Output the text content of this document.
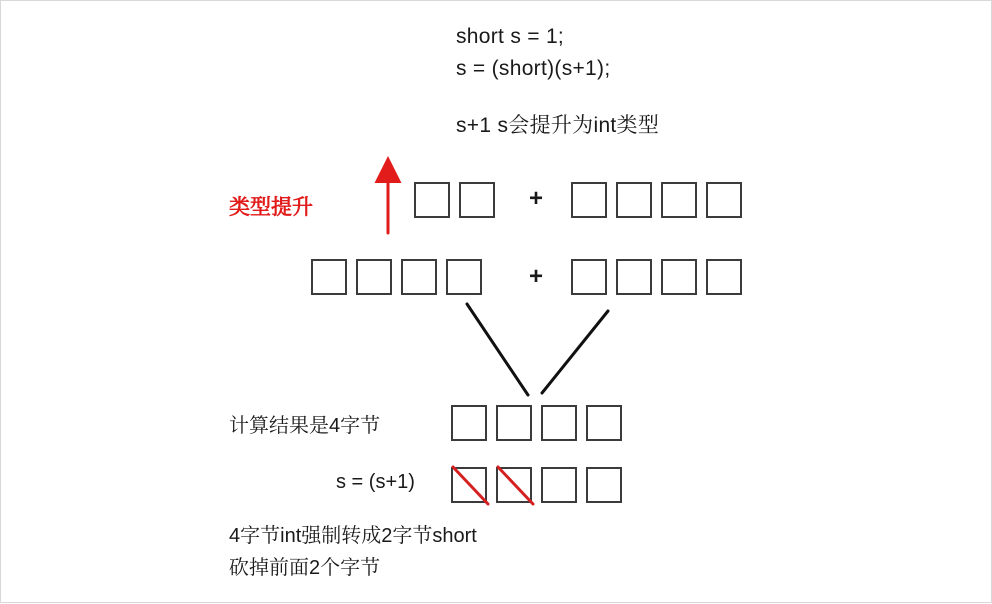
short s = 1;
s = (short)(s+1);
s+1 s会提升为int类型
类型提升
计算结果是4字节
s = (s+1)
4字节int强制转成2字节short
砍掉前面2个字节
+
+
